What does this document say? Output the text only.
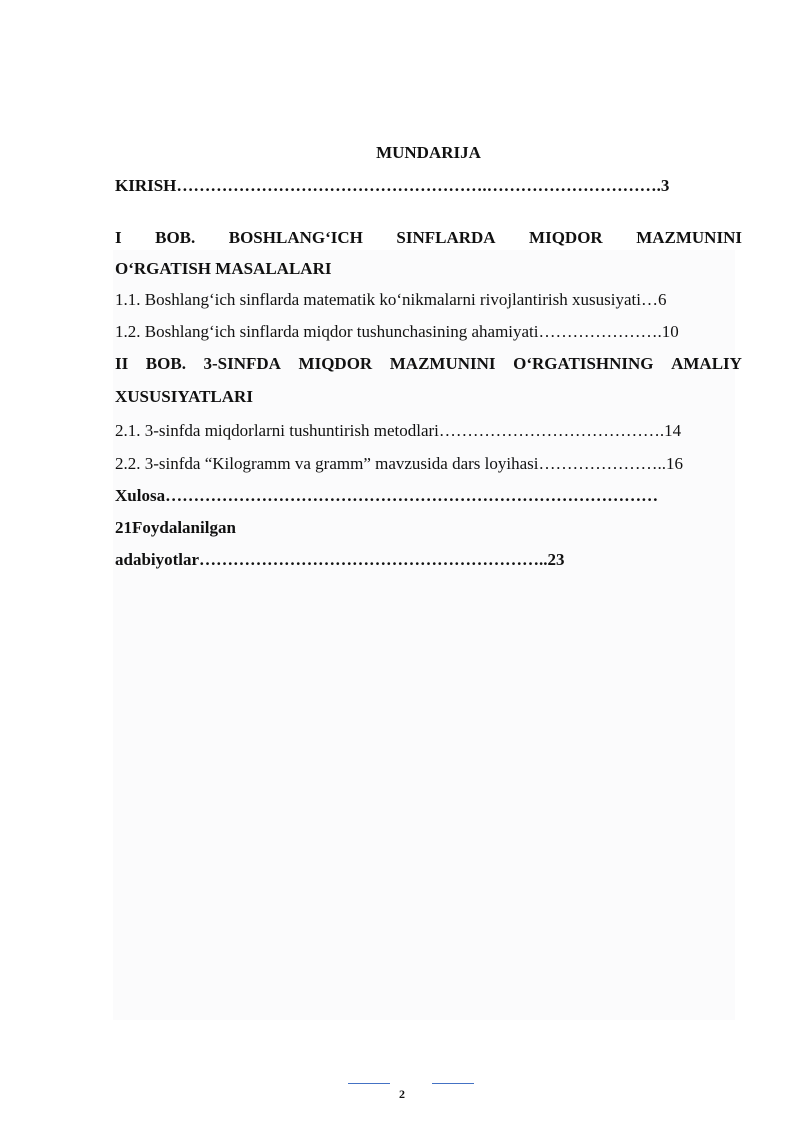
MUNDARIJA
KIRISH……………………………………………….………………………….3
I BOB. BOSHLANG‘ICH SINFLARDA MIQDOR MAZMUNINI
O‘RGATISH MASALALARI
1.1. Boshlang‘ich sinflarda matematik ko‘nikmalarni rivojlantirish xususiyati…6
1.2. Boshlang‘ich sinflarda miqdor tushunchasining ahamiyati………………….10
II BOB. 3-SINFDA MIQDOR MAZMUNINI O‘RGATISHNING AMALIY
XUSUSIYATLARI
2.1. 3-sinfda miqdorlarni tushuntirish metodlari………………………………….14
2.2. 3-sinfda “Kilogramm va gramm” mavzusida dars loyihasi…………………..16
Xulosa……………………………………………………………………………
21Foydalanilgan
adabiyotlar……………………………………………………..23
2
